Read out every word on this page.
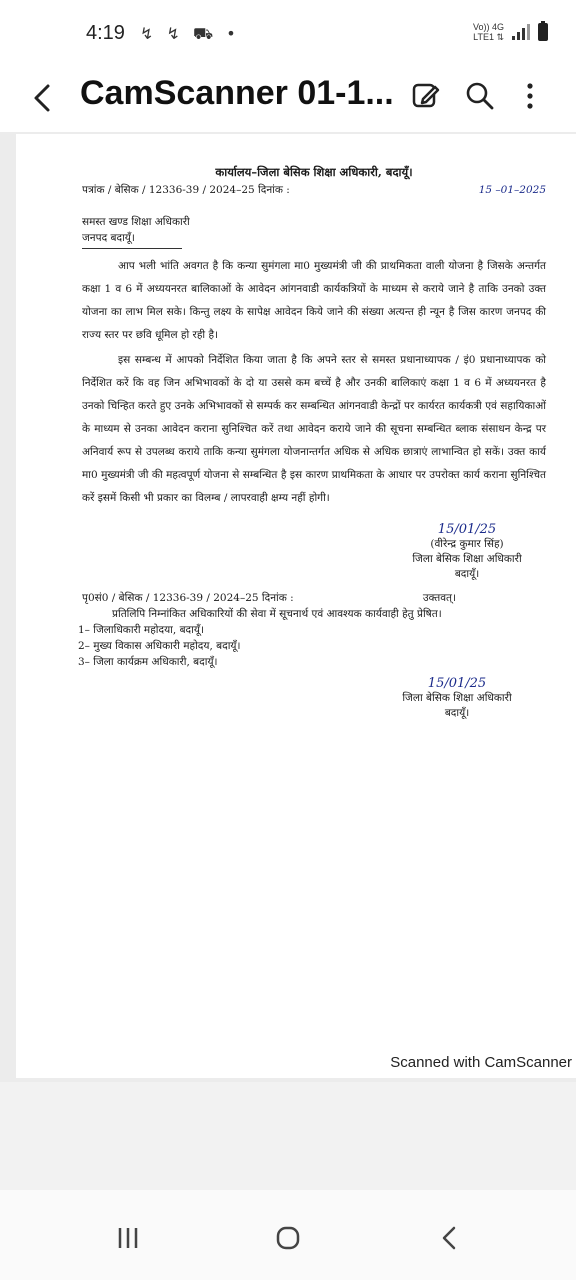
4:19 ↯ ↯ ⛟ •	Vo)) 4G
LTE1 ⇅
CamScanner 01-1...
कार्यालय–जिला बेसिक शिक्षा अधिकारी, बदायूँ।
पत्रांक / बेसिक / 12336-39 / 2024–25 दिनांक :	15 –01–2025
समस्त खण्ड शिक्षा अधिकारी
जनपद बदायूँ।
आप भली भांति अवगत है कि कन्या सुमंगला मा0 मुख्यमंत्री जी की प्राथमिकता वाली योजना है जिसके अन्तर्गत कक्षा 1 व 6 में अध्ययनरत बालिकाओं के आवेदन आंगनवाडी कार्यकत्रियों के माध्यम से कराये जाने है ताकि उनको उक्त योजना का लाभ मिल सके। किन्तु लक्ष्य के सापेक्ष आवेदन किये जाने की संख्या अत्यन्त ही न्यून है जिस कारण जनपद की राज्य स्तर पर छवि धूमिल हो रही है।
इस सम्बन्ध में आपको निर्देशित किया जाता है कि अपने स्तर से समस्त प्रधानाध्यापक / इं0 प्रधानाध्यापक को निर्देशित करें कि वह जिन अभिभावकों के दो या उससे कम बच्चें है और उनकी बालिकाएं कक्षा 1 व 6 में अध्ययनरत है उनको चिन्हित करते हुए उनके अभिभावकों से सम्पर्क कर सम्बन्धित आंगनवाडी केन्द्रों पर कार्यरत कार्यकत्री एवं सहायिकाओं के माध्यम से उनका आवेदन कराना सुनिश्चित करें तथा आवेदन कराये जाने की सूचना सम्बन्धित ब्लाक संसाधन केन्द्र पर अनिवार्य रूप से उपलब्ध कराये ताकि कन्या सुमंगला योजनान्तर्गत अधिक से अधिक छात्राएं लाभान्वित हो सकें। उक्त कार्य मा0 मुख्यमंत्री जी की महत्वपूर्ण योजना से सम्बन्धित है इस कारण प्राथमिकता के आधार पर उपरोक्त कार्य कराना सुनिश्चित करें इसमें किसी भी प्रकार का विलम्ब / लापरवाही क्षम्य नहीं होगी।
15/01/25
(वीरेन्द्र कुमार सिंह)
जिला बेसिक शिक्षा अधिकारी
बदायूँ।
पृ0सं0 / बेसिक / 12336-39 / 2024–25 दिनांक :	उक्तवत्।
प्रतिलिपि निम्नांकित अधिकारियों की सेवा में सूचनार्थ एवं आवश्यक कार्यवाही हेतु प्रेषित।
1– जिलाधिकारी महोदया, बदायूँ।
2– मुख्य विकास अधिकारी महोदय, बदायूँ।
3– जिला कार्यक्रम अधिकारी, बदायूँ।
15/01/25
जिला बेसिक शिक्षा अधिकारी
बदायूँ।
Scanned with CamScanner
